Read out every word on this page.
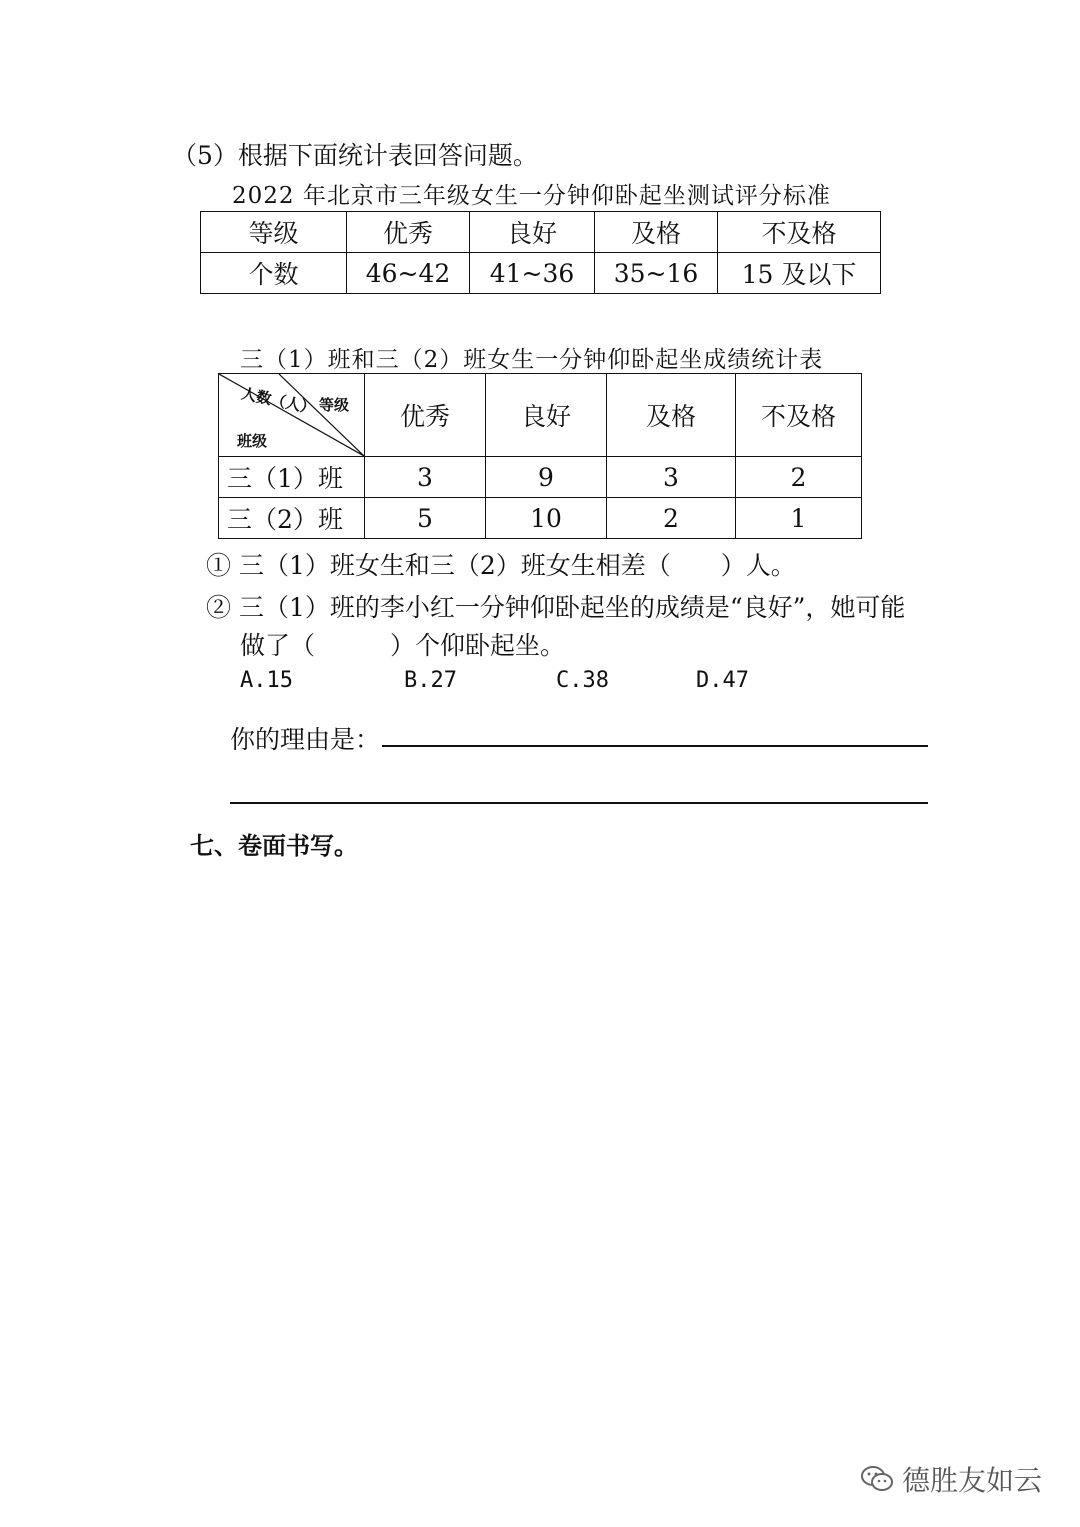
（5）根据下面统计表回答问题。
2022 年北京市三年级女生一分钟仰卧起坐测试评分标准
等级	优秀	良好	及格	不及格
个数	46~42	41~36	35~16	15 及以下
三（1）班和三（2）班女生一分钟仰卧起坐成绩统计表
人数（人） 等级
班级	优秀	良好	及格	不及格
三（1）班	3	9	3	2
三（2）班	5	10	2	1
① 三（1）班女生和三（2）班女生相差（　　）人。
② 三（1）班的李小红一分钟仰卧起坐的成绩是“良好”，她可能
做了（　　　）个仰卧起坐。
A.15	B.27	C.38	D.47
你的理由是：
七、卷面书写。
德胜友如云
